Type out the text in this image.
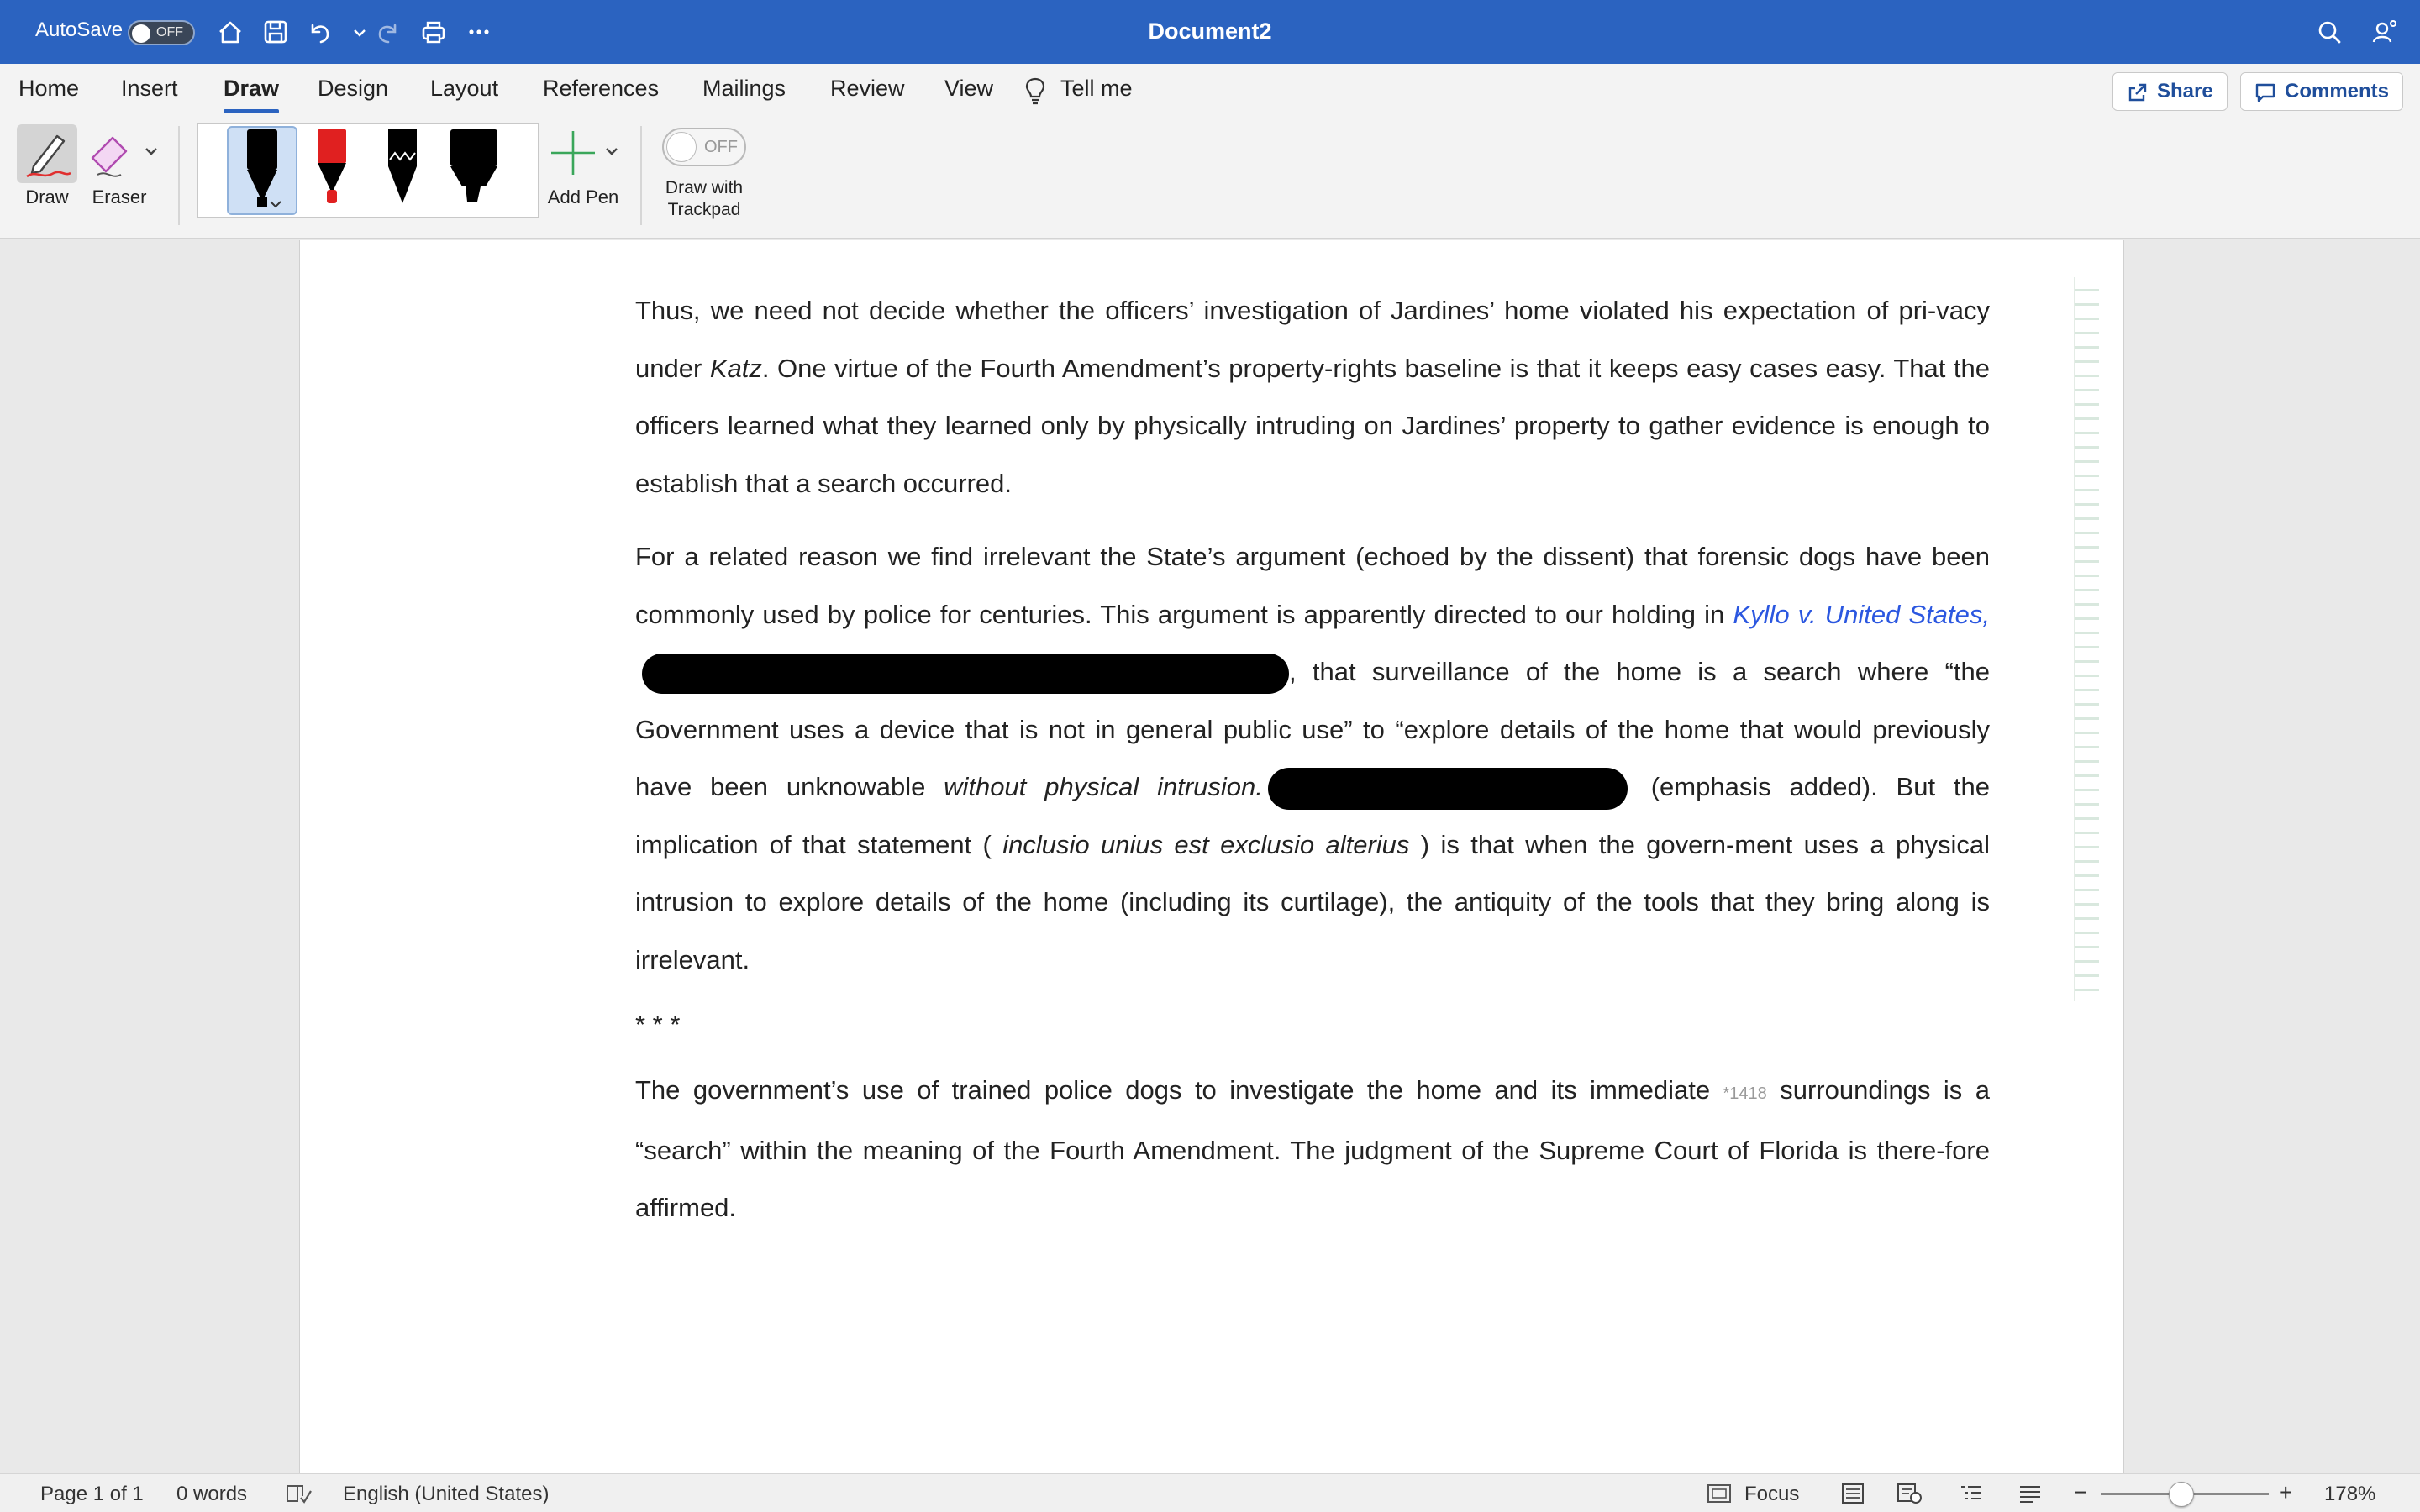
AutoSave OFF	Document2
Home Insert Draw Design Layout References Mailings Review View	Tell me	Share	Comments
Draw	Eraser	Add Pen
OFF
Draw with
Trackpad
Thus, we need not decide whether the officers’ investigation of Jardines’ home violated his expectation of pri-vacy under Katz. One virtue of the Fourth Amendment’s property-rights baseline is that it keeps easy cases easy. That the officers learned what they learned only by physically intruding on Jardines’ property to gather evidence is enough to establish that a search occurred.
For a related reason we find irrelevant the State’s argument (echoed by the dissent) that forensic dogs have been commonly used by police for centuries. This argument is apparently directed to our holding in Kyllo v. United States,, that surveillance of the home is a search where “the Government uses a device that is not in general public use” to “explore details of the home that would previously have been unknowable without physical intrusion.	(emphasis added). But the implication of that statement ( inclusio unius est exclusio alterius ) is that when the govern-ment uses a physical intrusion to explore details of the home (including its curtilage), the antiquity of the tools that they bring along is irrelevant.
* * *
The government’s use of trained police dogs to investigate the home and its immediate *1418 surroundings is a “search” within the meaning of the Fourth Amendment. The judgment of the Supreme Court of Florida is there-fore affirmed.
Page 1 of 1 0 words	English (United States)	Focus	−	+ 178%
